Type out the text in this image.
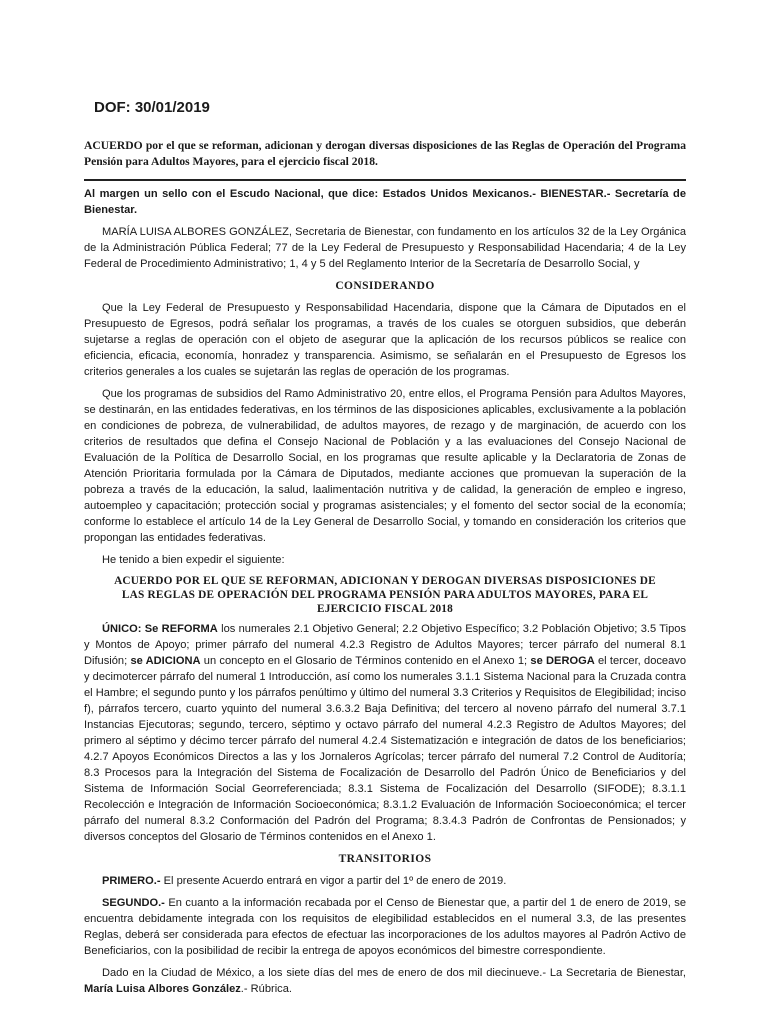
DOF: 30/01/2019
ACUERDO por el que se reforman, adicionan y derogan diversas disposiciones de las Reglas de Operación del Programa Pensión para Adultos Mayores, para el ejercicio fiscal 2018.

Al margen un sello con el Escudo Nacional, que dice: Estados Unidos Mexicanos.- BIENESTAR.- Secretaría de Bienestar.

MARÍA LUISA ALBORES GONZÁLEZ, Secretaria de Bienestar, con fundamento en los artículos 32 de la Ley Orgánica de la Administración Pública Federal; 77 de la Ley Federal de Presupuesto y Responsabilidad Hacendaria; 4 de la Ley Federal de Procedimiento Administrativo; 1, 4 y 5 del Reglamento Interior de la Secretaría de Desarrollo Social, y

CONSIDERANDO

Que la Ley Federal de Presupuesto y Responsabilidad Hacendaria, dispone que la Cámara de Diputados en el Presupuesto de Egresos, podrá señalar los programas, a través de los cuales se otorguen subsidios, que deberán sujetarse a reglas de operación con el objeto de asegurar que la aplicación de los recursos públicos se realice con eficiencia, eficacia, economía, honradez y transparencia. Asimismo, se señalarán en el Presupuesto de Egresos los criterios generales a los cuales se sujetarán las reglas de operación de los programas.

Que los programas de subsidios del Ramo Administrativo 20, entre ellos, el Programa Pensión para Adultos Mayores, se destinarán, en las entidades federativas, en los términos de las disposiciones aplicables, exclusivamente a la población en condiciones de pobreza, de vulnerabilidad, de adultos mayores, de rezago y de marginación, de acuerdo con los criterios de resultados que defina el Consejo Nacional de Población y a las evaluaciones del Consejo Nacional de Evaluación de la Política de Desarrollo Social, en los programas que resulte aplicable y la Declaratoria de Zonas de Atención Prioritaria formulada por la Cámara de Diputados, mediante acciones que promuevan la superación de la pobreza a través de la educación, la salud, laalimentación nutritiva y de calidad, la generación de empleo e ingreso, autoempleo y capacitación; protección social y programas asistenciales; y el fomento del sector social de la economía; conforme lo establece el artículo 14 de la Ley General de Desarrollo Social, y tomando en consideración los criterios que propongan las entidades federativas.

He tenido a bien expedir el siguiente:

ACUERDO POR EL QUE SE REFORMAN, ADICIONAN Y DEROGAN DIVERSAS DISPOSICIONES DE LAS REGLAS DE OPERACIÓN DEL PROGRAMA PENSIÓN PARA ADULTOS MAYORES, PARA EL EJERCICIO FISCAL 2018

ÚNICO: Se REFORMA los numerales 2.1 Objetivo General; 2.2 Objetivo Específico; 3.2 Población Objetivo; 3.5 Tipos y Montos de Apoyo; primer párrafo del numeral 4.2.3 Registro de Adultos Mayores; tercer párrafo del numeral 8.1 Difusión; se ADICIONA un concepto en el Glosario de Términos contenido en el Anexo 1; se DEROGA el tercer, doceavo y decimotercer párrafo del numeral 1 Introducción, así como los numerales 3.1.1 Sistema Nacional para la Cruzada contra el Hambre; el segundo punto y los párrafos penúltimo y último del numeral 3.3 Criterios y Requisitos de Elegibilidad; inciso f), párrafos tercero, cuarto yquinto del numeral 3.6.3.2 Baja Definitiva; del tercero al noveno párrafo del numeral 3.7.1 Instancias Ejecutoras; segundo, tercero, séptimo y octavo párrafo del numeral 4.2.3 Registro de Adultos Mayores; del primero al séptimo y décimo tercer párrafo del numeral 4.2.4 Sistematización e integración de datos de los beneficiarios; 4.2.7 Apoyos Económicos Directos a las y los Jornaleros Agrícolas; tercer párrafo del numeral 7.2 Control de Auditoría; 8.3 Procesos para la Integración del Sistema de Focalización de Desarrollo del Padrón Único de Beneficiarios y del Sistema de Información Social Georreferenciada; 8.3.1 Sistema de Focalización del Desarrollo (SIFODE); 8.3.1.1 Recolección e Integración de Información Socioeconómica; 8.3.1.2 Evaluación de Información Socioeconómica; el tercer párrafo del numeral 8.3.2 Conformación del Padrón del Programa; 8.3.4.3 Padrón de Confrontas de Pensionados; y diversos conceptos del Glosario de Términos contenidos en el Anexo 1.

TRANSITORIOS

PRIMERO.- El presente Acuerdo entrará en vigor a partir del 1º de enero de 2019.

SEGUNDO.- En cuanto a la información recabada por el Censo de Bienestar que, a partir del 1 de enero de 2019, se encuentra debidamente integrada con los requisitos de elegibilidad establecidos en el numeral 3.3, de las presentes Reglas, deberá ser considerada para efectos de efectuar las incorporaciones de los adultos mayores al Padrón Activo de Beneficiarios, con la posibilidad de recibir la entrega de apoyos económicos del bimestre correspondiente.

Dado en la Ciudad de México, a los siete días del mes de enero de dos mil diecinueve.- La Secretaria de Bienestar, María Luisa Albores González.- Rúbrica.
